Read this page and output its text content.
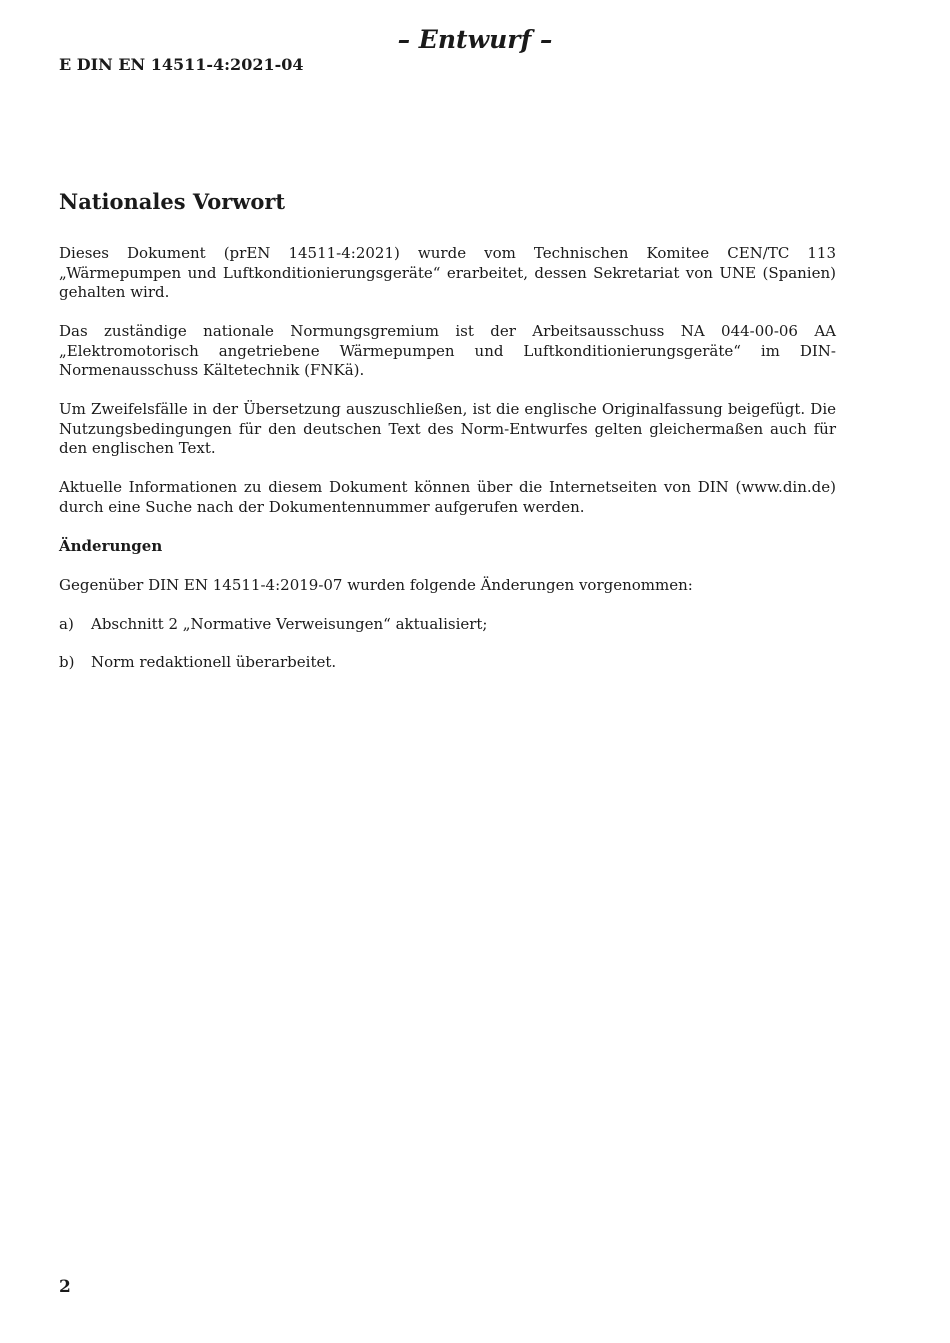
– Entwurf –
E DIN EN 14511-4:2021-04
Nationales Vorwort

Dieses Dokument (prEN 14511-4:2021) wurde vom Technischen Komitee CEN/TC 113 „Wärmepumpen und Luftkonditionierungsgeräte“ erarbeitet, dessen Sekretariat von UNE (Spanien) gehalten wird.

Das zuständige nationale Normungsgremium ist der Arbeitsausschuss NA 044-00-06 AA „Elektromotorisch angetriebene Wärmepumpen und Luftkonditionierungsgeräte“ im DIN-Normenausschuss Kältetechnik (FNKä).

Um Zweifelsfälle in der Übersetzung auszuschließen, ist die englische Originalfassung beigefügt. Die Nutzungsbedingungen für den deutschen Text des Norm-Entwurfes gelten gleichermaßen auch für den englischen Text.

Aktuelle Informationen zu diesem Dokument können über die Internetseiten von DIN (www.din.de) durch eine Suche nach der Dokumentennummer aufgerufen werden.

Änderungen

Gegenüber DIN EN 14511-4:2019-07 wurden folgende Änderungen vorgenommen:

a)	Abschnitt 2 „Normative Verweisungen“ aktualisiert;
b)	Norm redaktionell überarbeitet.
2
